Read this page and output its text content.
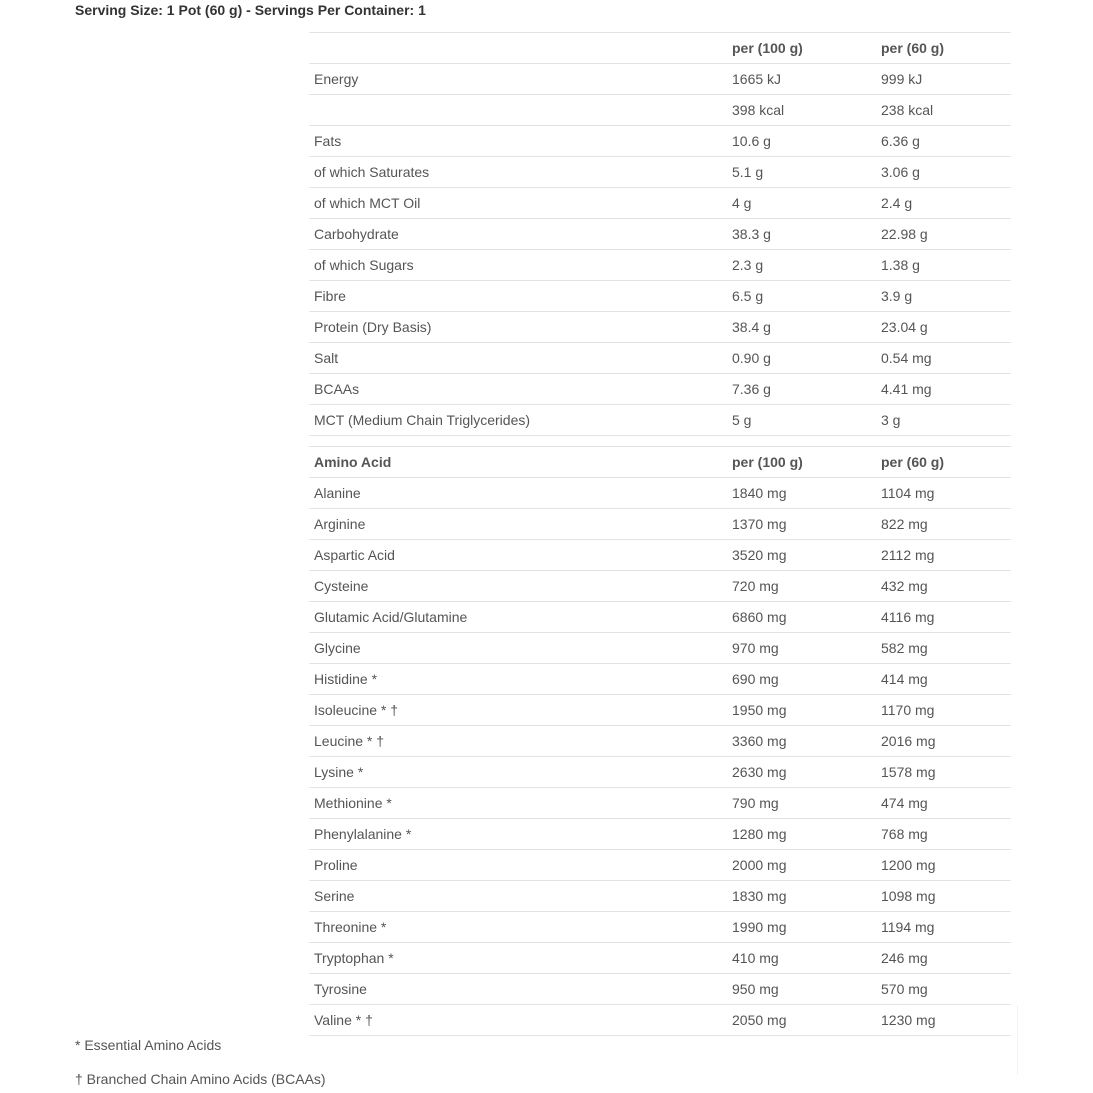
Serving Size: 1 Pot (60 g) - Servings Per Container: 1

	per (100 g)	per (60 g)
Energy	1665 kJ	999 kJ
	398 kcal	238 kcal
Fats	10.6 g	6.36 g
of which Saturates	5.1 g	3.06 g
of which MCT Oil	4 g	2.4 g
Carbohydrate	38.3 g	22.98 g
of which Sugars	2.3 g	1.38 g
Fibre	6.5 g	3.9 g
Protein (Dry Basis)	38.4 g	23.04 g
Salt	0.90 g	0.54 mg
BCAAs	7.36 g	4.41 mg
MCT (Medium Chain Triglycerides)	5 g	3 g
Amino Acid	per (100 g)	per (60 g)
Alanine	1840 mg	1104 mg
Arginine	1370 mg	822 mg
Aspartic Acid	3520 mg	2112 mg
Cysteine	720 mg	432 mg
Glutamic Acid/Glutamine	6860 mg	4116 mg
Glycine	970 mg	582 mg
Histidine *	690 mg	414 mg
Isoleucine * †	1950 mg	1170 mg
Leucine * †	3360 mg	2016 mg
Lysine *	2630 mg	1578 mg
Methionine *	790 mg	474 mg
Phenylalanine *	1280 mg	768 mg
Proline	2000 mg	1200 mg
Serine	1830 mg	1098 mg
Threonine *	1990 mg	1194 mg
Tryptophan *	410 mg	246 mg
Tyrosine	950 mg	570 mg
Valine * †	2050 mg	1230 mg

* Essential Amino Acids

† Branched Chain Amino Acids (BCAAs)
